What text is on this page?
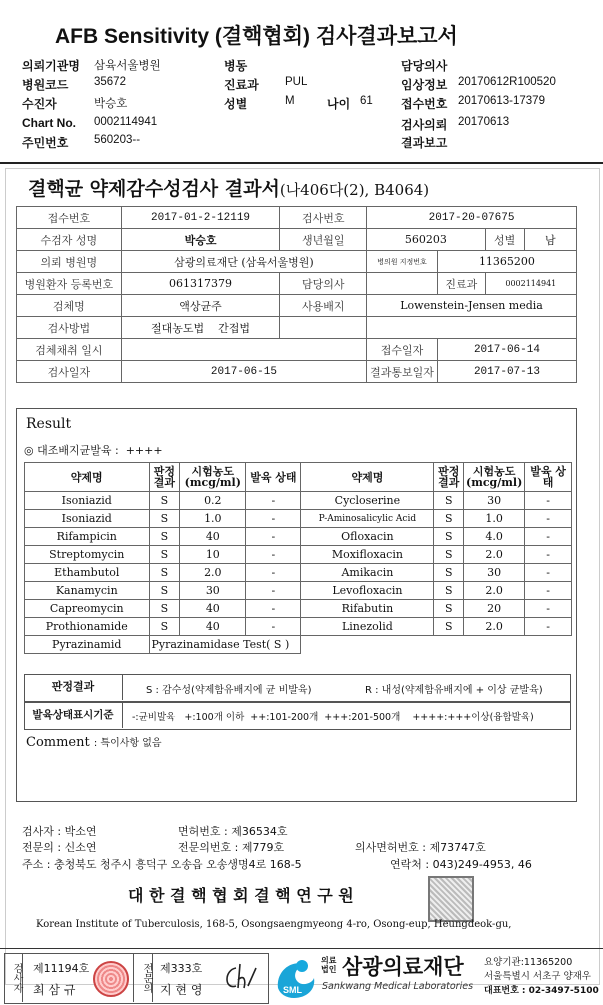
AFB Sensitivity (결핵협회) 검사결과보고서
결핵균 약제감수성검사 결과서(나406다(2), B4064)
접수번호	2017-01-2-12119	검사번호	2017-20-07675			
수검자 성명	박승호	생년월일	560203		성별	남
의뢰 병원명	삼광의료재단 (삼육서울병원)		병의원 지정번호	11365200		
병원환자 등록번호	061317379	담당의사		진료과	0002114941	
검체명	액상균주	사용배지	Lowenstein-Jensen media			
검사방법	절대농도법 간접법					
검체채취 일시			접수일자	2017-06-14		
검사일자	2017-06-15		결과통보일자	2017-07-13		
Result
◎ 대조배지균발육 : ++++
약제명	판정 결과	시험농도 (mcg/ml)	발육 상태	약제명	판정 결과	시험농도 (mcg/ml)	발육 상태
Isoniazid	S	0.2	-	Cycloserine	S	30	-
Isoniazid	S	1.0	-	P-Aminosalicylic Acid	S	1.0	-
Rifampicin	S	40	-	Ofloxacin	S	4.0	-
Streptomycin	S	10	-	Moxifloxacin	S	2.0	-
Ethambutol	S	2.0	-	Amikacin	S	30	-
Kanamycin	S	30	-	Levofloxacin	S	2.0	-
Capreomycin	S	40	-	Rifabutin	S	20	-
Prothionamide	S	40	-	Linezolid	S	2.0	-
Pyrazinamid	Pyrazinamidase Test( S )						
판정결과	S : 감수성(약제함유배지에 균 비발육)	R : 내성(약제함유배지에 + 이상 균발육)
발육상태표시기준	-:균비발육   +:100개 이하  ++:101-200개  +++:201-500개    ++++:+++이상(융합발육)
Comment : 특이사항 없음
검사자 : 박소연	면허번호 : 제36534호
전문의 : 신소연	전문의번호 : 제779호	의사면허번호 : 제73747호
주소 : 충청북도 청주시 흥덕구 오송읍 오송생명4로 168-5	연락처 : 043)249-4953, 46
대 한 결 핵 협 회 결 핵 연 구 원
Korean Institute of Tuberculosis, 168-5, Osongsaengmyeong 4-ro, Osong-eup, Heungdeok-gu,
검사자 제11194호
최 삼 규	전문의 제333호
지 현 영	SML
의료법인 삼광의료재단
Sankwang Medical Laboratories
요양기관:11365200
서울특별시 서초구 양재우
대표번호 : 02-3497-5100
의뢰기관명 삼육서울병원	병동	담당의사
병원코드 35672	진료과 PUL	임상정보 20170612R100520
수진자	박승호	성별	M	나이 61 접수번호 20170613-17379
Chart No. 0002114941	검사의뢰 20170613
주민번호 560203--	결과보고
